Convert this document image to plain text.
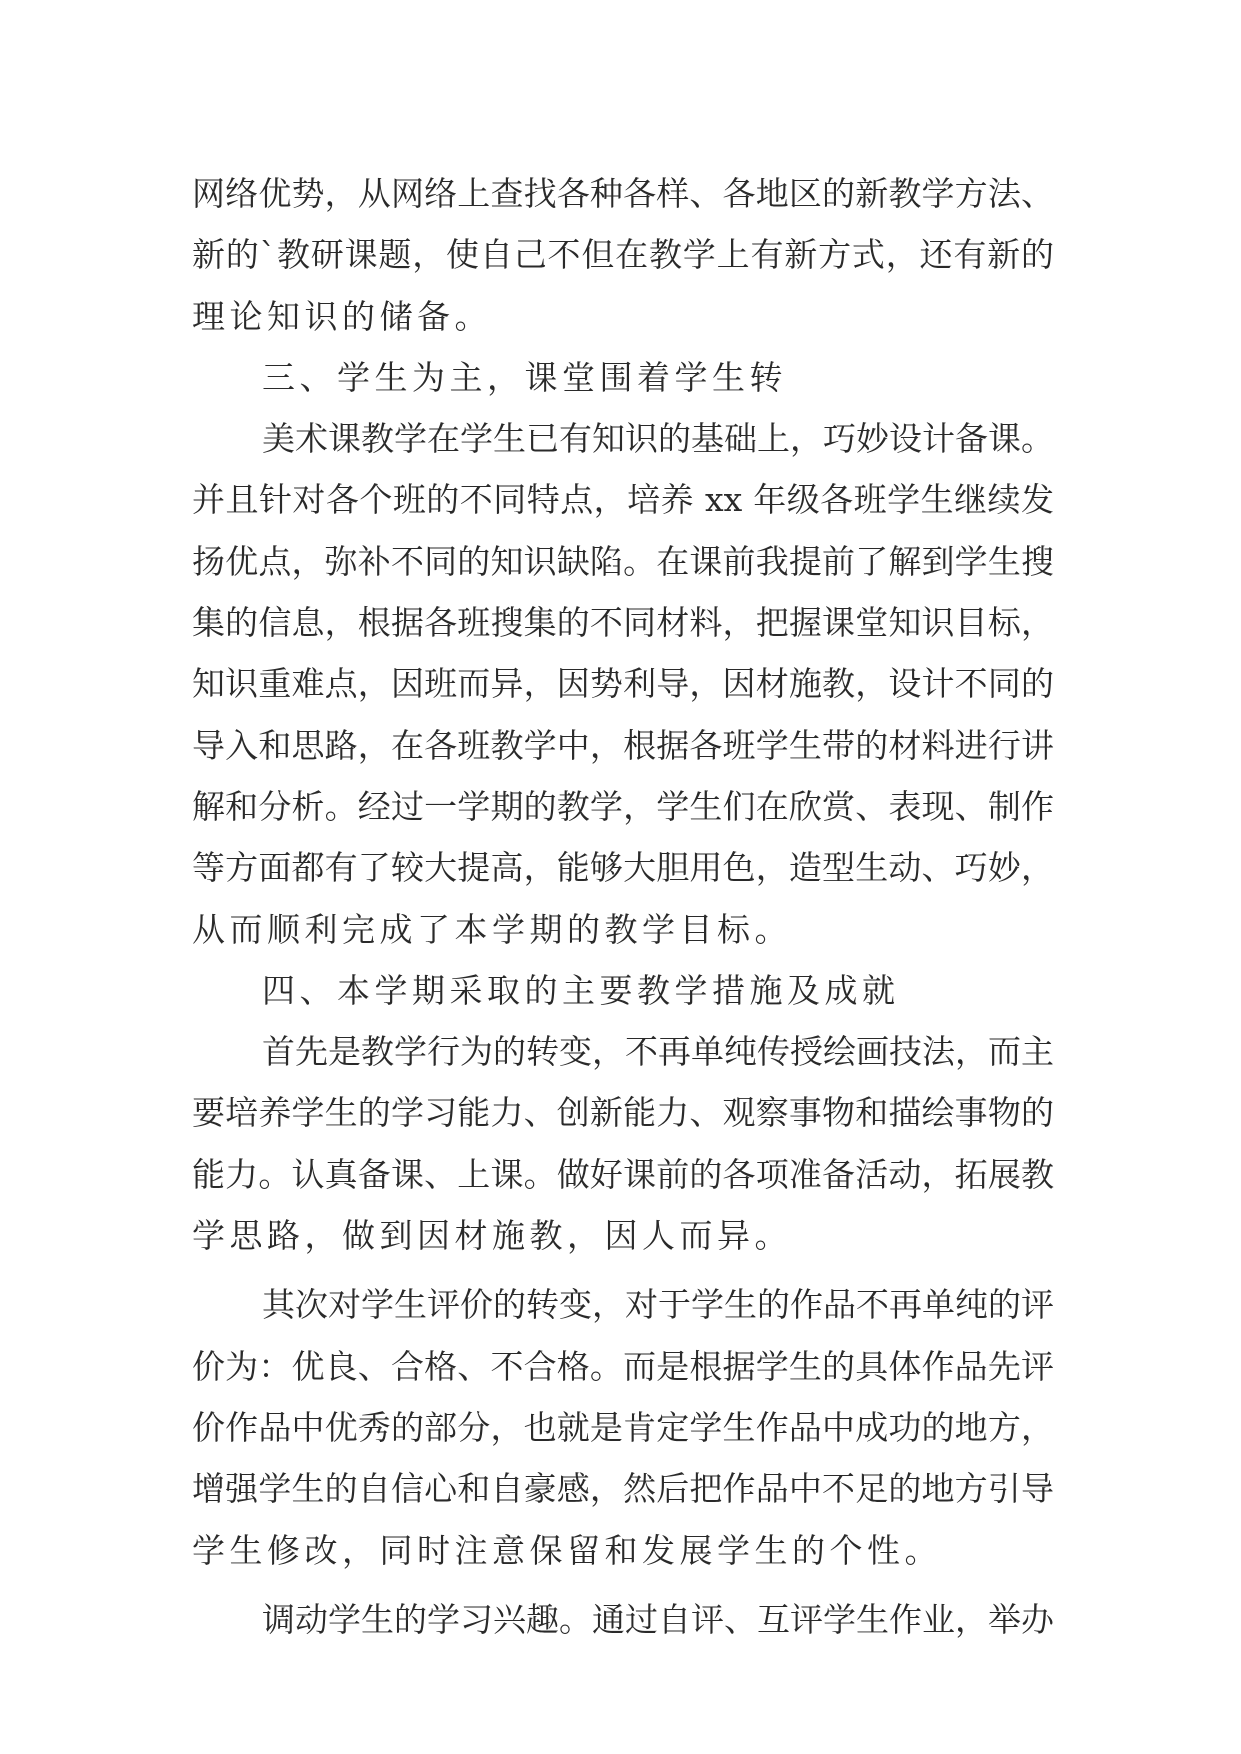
网络优势，从网络上查找各种各样、各地区的新教学方法、
新的`教研课题，使自己不但在教学上有新方式，还有新的
理论知识的储备。
三、学生为主，课堂围着学生转
美术课教学在学生已有知识的基础上，巧妙设计备课。
并且针对各个班的不同特点，培养 xx 年级各班学生继续发
扬优点，弥补不同的知识缺陷。在课前我提前了解到学生搜
集的信息，根据各班搜集的不同材料，把握课堂知识目标，
知识重难点，因班而异，因势利导，因材施教，设计不同的
导入和思路，在各班教学中，根据各班学生带的材料进行讲
解和分析。经过一学期的教学，学生们在欣赏、表现、制作
等方面都有了较大提高，能够大胆用色，造型生动、巧妙，
从而顺利完成了本学期的教学目标。
四、本学期采取的主要教学措施及成就
首先是教学行为的转变，不再单纯传授绘画技法，而主
要培养学生的学习能力、创新能力、观察事物和描绘事物的
能力。认真备课、上课。做好课前的各项准备活动，拓展教
学思路，做到因材施教，因人而异。
其次对学生评价的转变，对于学生的作品不再单纯的评
价为：优良、合格、不合格。而是根据学生的具体作品先评
价作品中优秀的部分，也就是肯定学生作品中成功的地方，
增强学生的自信心和自豪感，然后把作品中不足的地方引导
学生修改，同时注意保留和发展学生的个性。
调动学生的学习兴趣。通过自评、互评学生作业，举办
